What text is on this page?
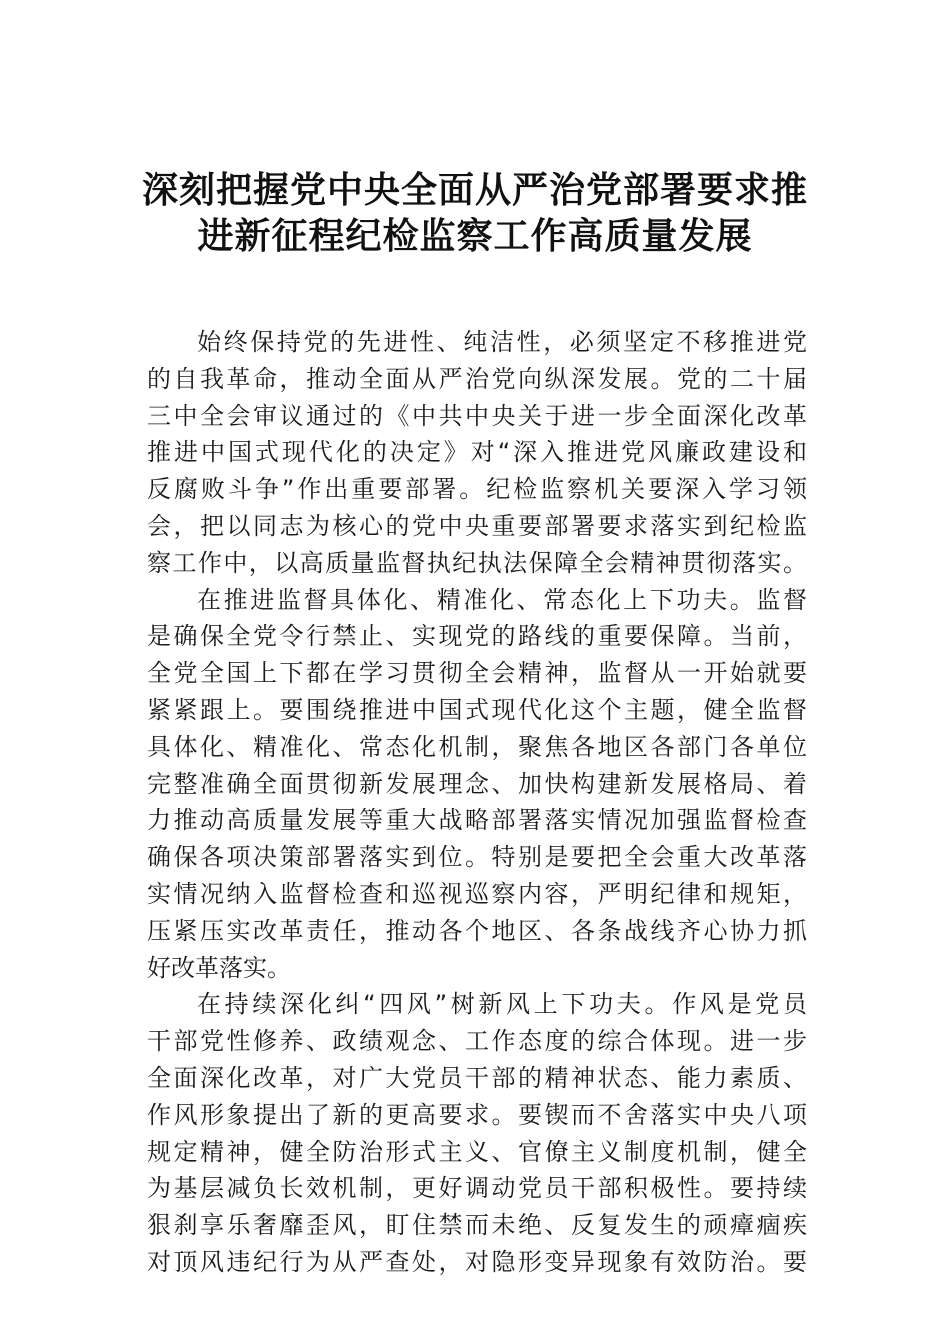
深刻把握党中央全面从严治党部署要求推
进新征程纪检监察工作高质量发展
始终保持党的先进性、纯洁性，必须坚定不移推进党
的自我革命，推动全面从严治党向纵深发展。党的二十届
三中全会审议通过的《中共中央关于进一步全面深化改革
推进中国式现代化的决定》对“深入推进党风廉政建设和
反腐败斗争”作出重要部署。纪检监察机关要深入学习领
会，把以同志为核心的党中央重要部署要求落实到纪检监
察工作中，以高质量监督执纪执法保障全会精神贯彻落实。
在推进监督具体化、精准化、常态化上下功夫。监督
是确保全党令行禁止、实现党的路线的重要保障。当前，
全党全国上下都在学习贯彻全会精神，监督从一开始就要
紧紧跟上。要围绕推进中国式现代化这个主题，健全监督
具体化、精准化、常态化机制，聚焦各地区各部门各单位
完整准确全面贯彻新发展理念、加快构建新发展格局、着
力推动高质量发展等重大战略部署落实情况加强监督检查
确保各项决策部署落实到位。特别是要把全会重大改革落
实情况纳入监督检查和巡视巡察内容，严明纪律和规矩，
压紧压实改革责任，推动各个地区、各条战线齐心协力抓
好改革落实。
在持续深化纠“四风”树新风上下功夫。作风是党员
干部党性修养、政绩观念、工作态度的综合体现。进一步
全面深化改革，对广大党员干部的精神状态、能力素质、
作风形象提出了新的更高要求。要锲而不舍落实中央八项
规定精神，健全防治形式主义、官僚主义制度机制，健全
为基层减负长效机制，更好调动党员干部积极性。要持续
狠刹享乐奢靡歪风，盯住禁而未绝、反复发生的顽瘴痼疾
对顶风违纪行为从严查处，对隐形变异现象有效防治。要
